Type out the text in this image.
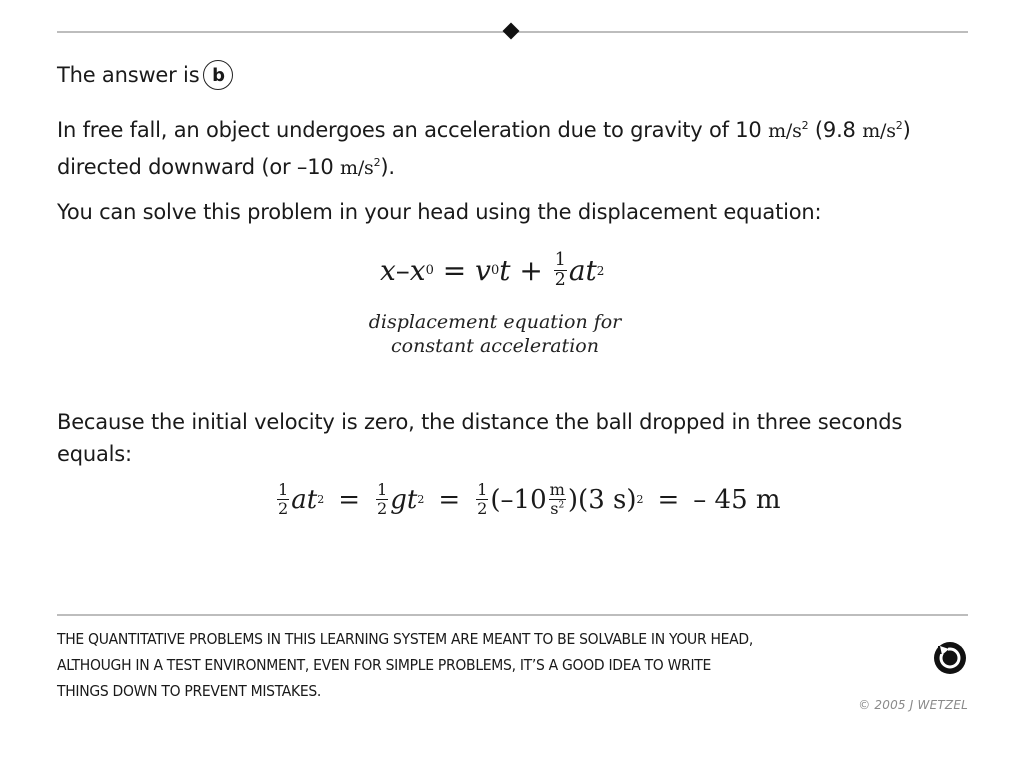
The answer is b
In free fall, an object undergoes an acceleration due to gravity of 10 $m/s^2$ (9.8 $m/s^2$)
directed downward (or –10 $m/s^2$).
You can solve this problem in your head using the displacement equation:
x – x 0 = v 0 $t + \frac{1}{2}$ at 2
displacement equation for
constant acceleration
Because the initial velocity is zero, the distance the ball dropped in three seconds equals:
$\frac{1}{2}$ at $2 = \frac{1}{2}$ gt $2 = \frac{1}{2} (-10 \frac{m}{s^2} )(3$ s) 2 = – 45 m
THE QUANTITATIVE PROBLEMS IN THIS LEARNING SYSTEM ARE MEANT TO BE SOLVABLE IN YOUR HEAD,
ALTHOUGH IN A TEST ENVIRONMENT, EVEN FOR SIMPLE PROBLEMS, IT’S A GOOD IDEA TO WRITE
THINGS DOWN TO PREVENT MISTAKES.
© 2005 J WETZEL
